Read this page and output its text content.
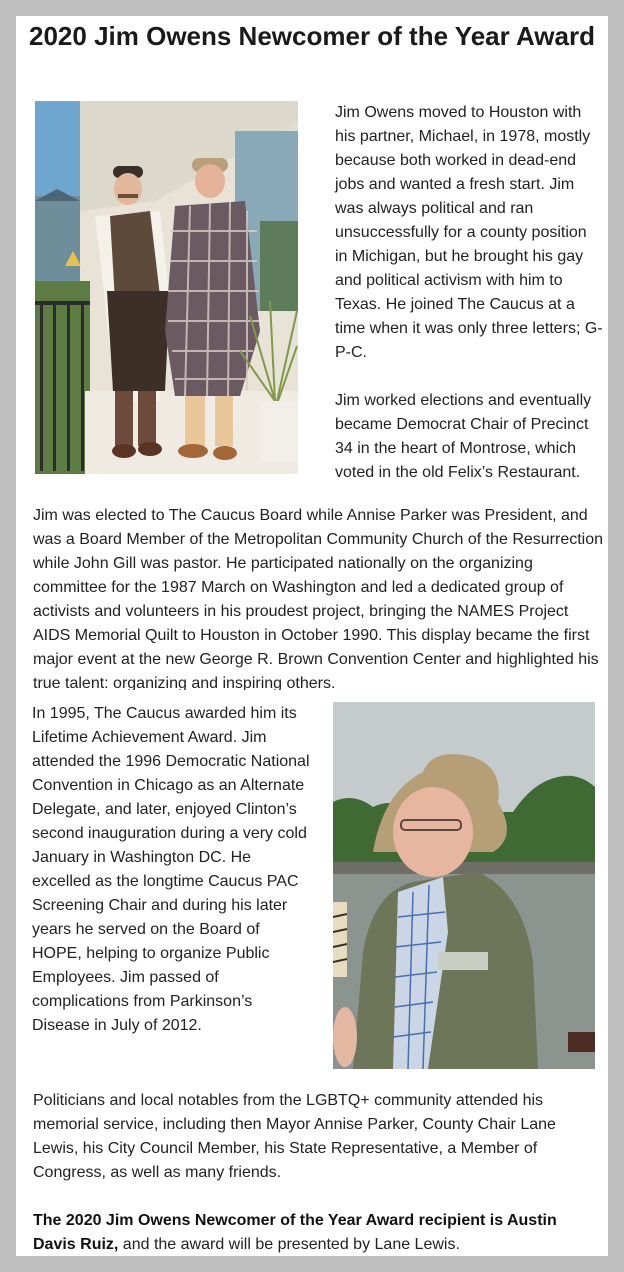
2020 Jim Owens Newcomer of the Year Award

Jim Owens moved to Houston with his partner, Michael, in 1978, mostly because both worked in dead-end jobs and wanted a fresh start. Jim was always political and ran unsuccessfully for a county position in Michigan, but he brought his gay and political activism with him to Texas. He joined The Caucus at a time when it was only three letters; G-P-C.

Jim worked elections and eventually became Democrat Chair of Precinct 34 in the heart of Montrose, which voted in the old Felix’s Restaurant.

Jim was elected to The Caucus Board while Annise Parker was President, and was a Board Member of the Metropolitan Community Church of the Resurrection while John Gill was pastor. He participated nationally on the organizing committee for the 1987 March on Washington and led a dedicated group of activists and volunteers in his proudest project, bringing the NAMES Project AIDS Memorial Quilt to Houston in October 1990. This display became the first major event at the new George R. Brown Convention Center and highlighted his true talent: organizing and inspiring others.

In 1995, The Caucus awarded him its Lifetime Achievement Award. Jim attended the 1996 Democratic National Convention in Chicago as an Alternate Delegate, and later, enjoyed Clinton’s second inauguration during a very cold January in Washington DC. He excelled as the longtime Caucus PAC Screening Chair and during his later years he served on the Board of HOPE, helping to organize Public Employees. Jim passed of complications from Parkinson’s Disease in July of 2012.

Politicians and local notables from the LGBTQ+ community attended his memorial service, including then Mayor Annise Parker, County Chair Lane Lewis, his City Council Member, his State Representative, a Member of Congress, as well as many friends.

The 2020 Jim Owens Newcomer of the Year Award recipient is Austin Davis Ruiz, and the award will be presented by Lane Lewis.
